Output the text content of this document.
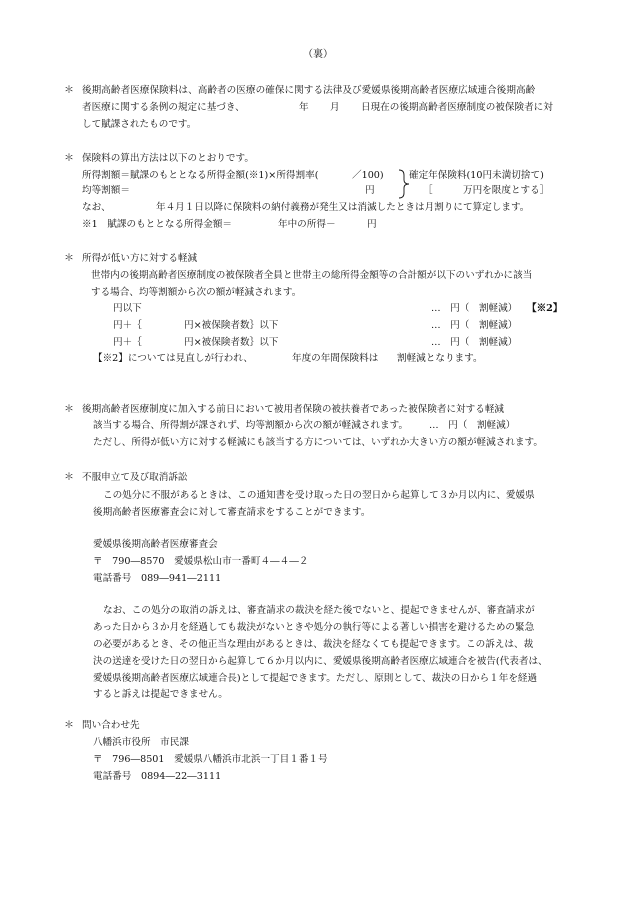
（裏）
＊ 後期高齢者医療保険料は、高齢者の医療の確保に関する法律及び愛媛県後期高齢者医療広域連合後期高齢
者医療に関する条例の規定に基づき、	年 月 日現在の後期高齢者医療制度の被保険者に対
して賦課されたものです。
＊ 保険料の算出方法は以下のとおりです。
所得割額＝賦課のもととなる所得金額(※1)×所得割率(	／100)	確定年保険料(10円未満切捨て)
均等割額＝	円	［	万円を限度とする］
なお、	年４月１日以降に保険料の納付義務が発生又は消滅したときは月割りにて算定します。
※1　賦課のもととなる所得金額＝	年中の所得－	円
＊ 所得が低い方に対する軽減
世帯内の後期高齢者医療制度の被保険者全員と世帯主の総所得金額等の合計額が以下のいずれかに該当
する場合、均等割額から次の額が軽減されます。
円以下	…　円（　割軽減） 【※2】
円＋｛	円×被保険者数｝以下	…　円（　割軽減）
円＋｛	円×被保険者数｝以下	…　円（　割軽減）
【※2】については見直しが行われ、	年度の年間保険料は 割軽減となります。
＊ 後期高齢者医療制度に加入する前日において被用者保険の被扶養者であった被保険者に対する軽減
該当する場合、所得割が課されず、均等割額から次の額が軽減されます。 …　円（　割軽減）
ただし、所得が低い方に対する軽減にも該当する方については、いずれか大きい方の額が軽減されます。
＊ 不服申立て及び取消訴訟
この処分に不服があるときは、この通知書を受け取った日の翌日から起算して３か月以内に、愛媛県
後期高齢者医療審査会に対して審査請求をすることができます。
愛媛県後期高齢者医療審査会
〒　790―8570　愛媛県松山市一番町４―４―２
電話番号　089―941―2111
なお、この処分の取消の訴えは、審査請求の裁決を経た後でないと、提起できませんが、審査請求が
あった日から３か月を経過しても裁決がないときや処分の執行等による著しい損害を避けるための緊急
の必要があるとき、その他正当な理由があるときは、裁決を経なくても提起できます。この訴えは、裁
決の送達を受けた日の翌日から起算して６か月以内に、愛媛県後期高齢者医療広域連合を被告(代表者は、
愛媛県後期高齢者医療広域連合長)として提起できます。ただし、原則として、裁決の日から１年を経過
すると訴えは提起できません。
＊ 問い合わせ先
八幡浜市役所　市民課
〒　796―8501　愛媛県八幡浜市北浜一丁目１番１号
電話番号　0894―22―3111
